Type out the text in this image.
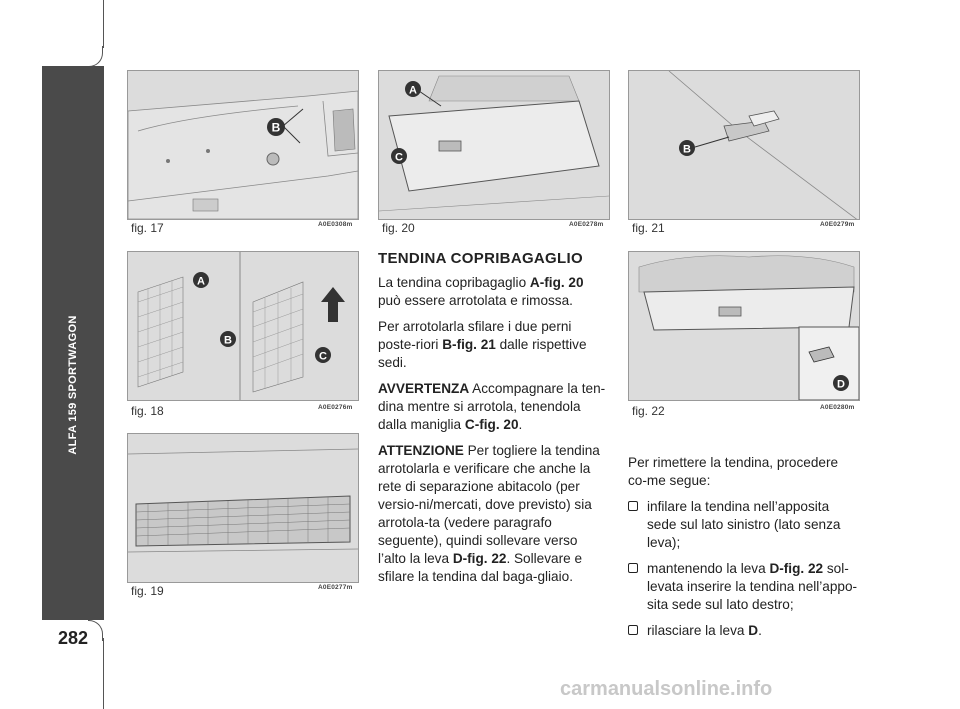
ALFA 159 SPORTWAGON
282
B
fig. 17	A0E0308m
A
B
C
fig. 18	A0E0276m
fig. 19	A0E0277m
A
C
fig. 20	A0E0278m
B
fig. 21	A0E0279m
D
fig. 22	A0E0280m
TENDINA COPRIBAGAGLIO

La tendina copribagaglio A-fig. 20 può essere arrotolata e rimossa.

Per arrotolarla sfilare i due perni poste-riori B-fig. 21 dalle rispettive sedi.

AVVERTENZA Accompagnare la ten-dina mentre si arrotola, tenendola dalla maniglia C-fig. 20.

ATTENZIONE Per togliere la tendina arrotolarla e verificare che anche la rete di separazione abitacolo (per versio-ni/mercati, dove previsto) sia arrotola-ta (vedere paragrafo seguente), quindi sollevare verso l’alto la leva D-fig. 22. Sollevare e sfilare la tendina dal baga-gliaio.

Per rimettere la tendina, procedere co-me segue:

infilare la tendina nell’apposita sede sul lato sinistro (lato senza leva);
mantenendo la leva D-fig. 22 sol-levata inserire la tendina nell’appo-sita sede sul lato destro;
rilasciare la leva D.
carmanualsonline.info
